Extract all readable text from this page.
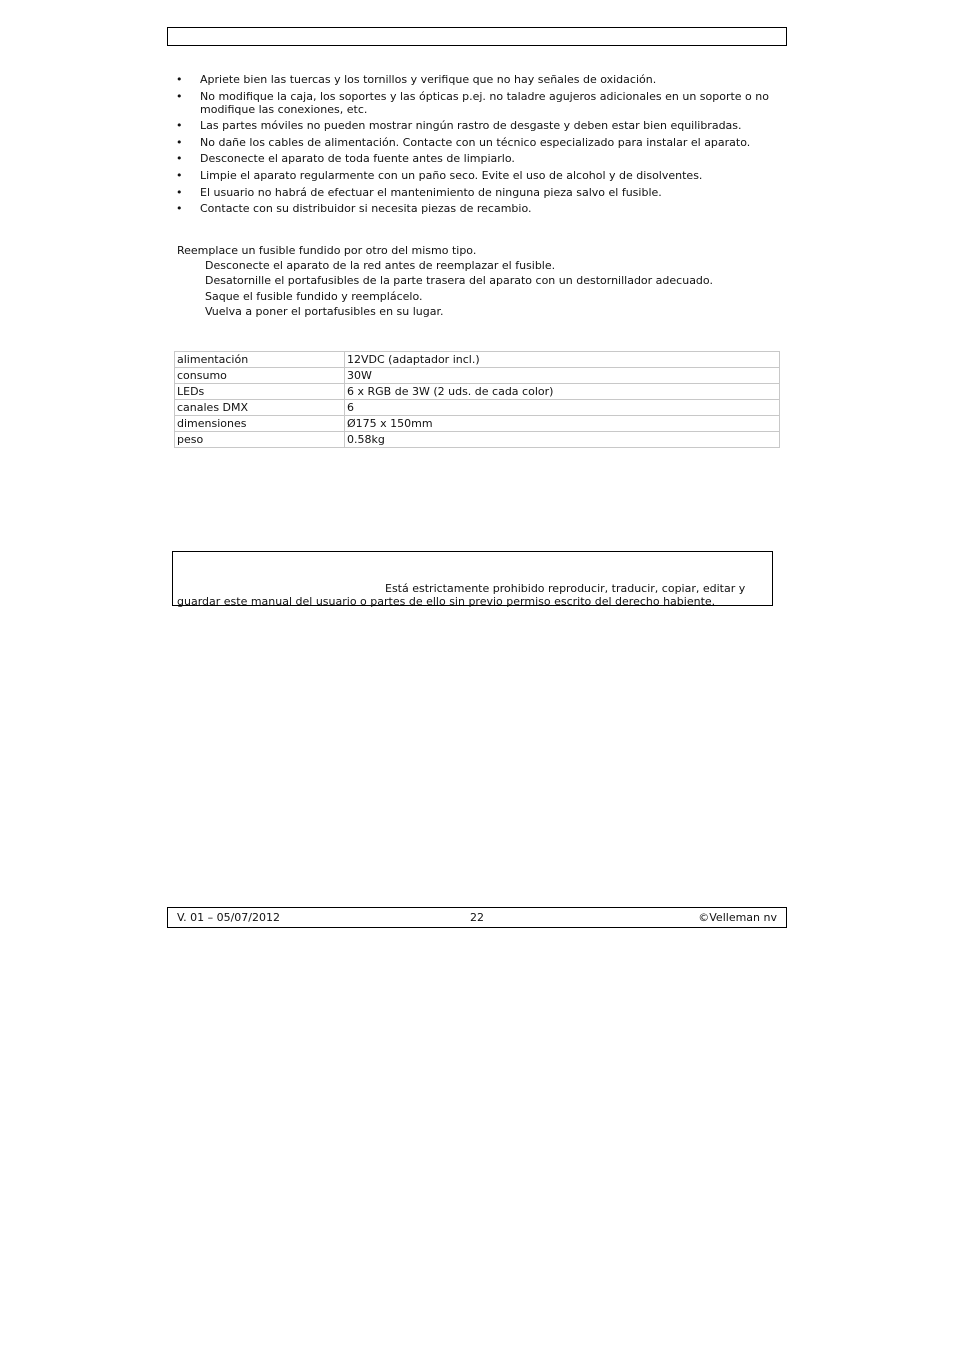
• Apriete bien las tuercas y los tornillos y verifique que no hay señales de oxidación.
• No modifique la caja, los soportes y las ópticas p.ej. no taladre agujeros adicionales en un soporte o no modifique las conexiones, etc.
• Las partes móviles no pueden mostrar ningún rastro de desgaste y deben estar bien equilibradas.
• No dañe los cables de alimentación. Contacte con un técnico especializado para instalar el aparato.
• Desconecte el aparato de toda fuente antes de limpiarlo.
• Limpie el aparato regularmente con un paño seco. Evite el uso de alcohol y de disolventes.
• El usuario no habrá de efectuar el mantenimiento de ninguna pieza salvo el fusible.
• Contacte con su distribuidor si necesita piezas de recambio.

Reemplace un fusible fundido por otro del mismo tipo.

Desconecte el aparato de la red antes de reemplazar el fusible.
Desatornille el portafusibles de la parte trasera del aparato con un destornillador adecuado.
Saque el fusible fundido y reemplácelo.
Vuelva a poner el portafusibles en su lugar.
alimentación	12VDC (adaptador incl.)
consumo	30W
LEDs	6 x RGB de 3W (2 uds. de cada color)
canales DMX	6
dimensiones	Ø175 x 150mm
peso	0.58kg

Está estrictamente prohibido reproducir, traducir, copiar, editar y

guardar este manual del usuario o partes de ello sin previo permiso escrito del derecho habiente.

V. 01 – 05/07/2012	22	©Velleman nv
